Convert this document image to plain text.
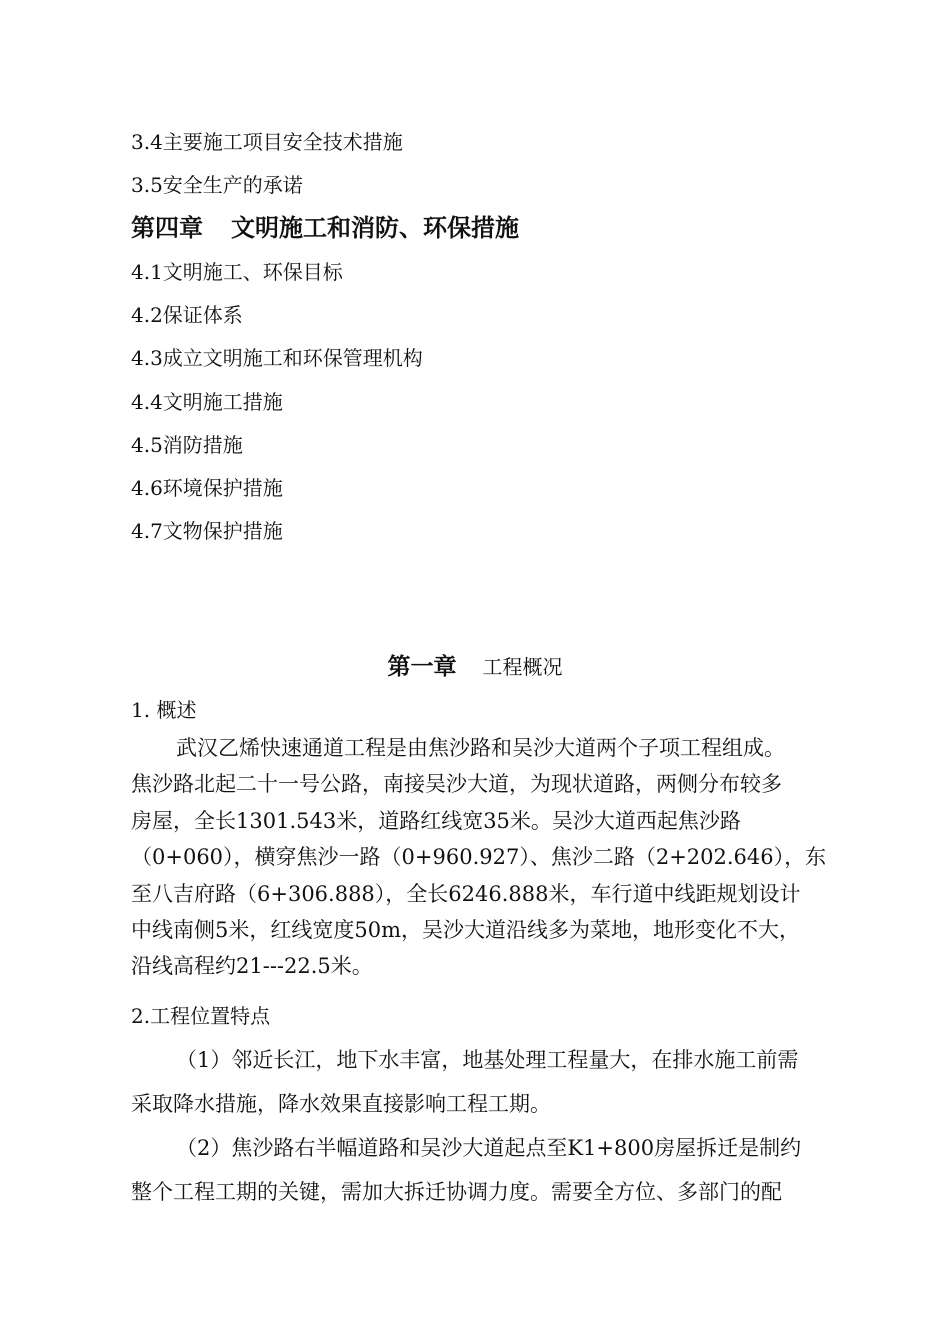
3.4主要施工项目安全技术措施
3.5安全生产的承诺
第四章 文明施工和消防、环保措施
4.1文明施工、环保目标
4.2保证体系
4.3成立文明施工和环保管理机构
4.4文明施工措施
4.5消防措施
4.6环境保护措施
4.7文物保护措施
第一章 工程概况
1. 概述
武汉乙烯快速通道工程是由焦沙路和吴沙大道两个子项工程组成。
焦沙路北起二十一号公路，南接吴沙大道，为现状道路，两侧分布较多
房屋，全长1301.543米，道路红线宽35米。吴沙大道西起焦沙路
（0+060），横穿焦沙一路（0+960.927）、焦沙二路（2+202.646），东
至八吉府路（6+306.888），全长6246.888米，车行道中线距规划设计
中线南侧5米，红线宽度50m，吴沙大道沿线多为菜地，地形变化不大，
沿线高程约21---22.5米。
2.工程位置特点
（1）邻近长江，地下水丰富，地基处理工程量大，在排水施工前需
采取降水措施，降水效果直接影响工程工期。
（2）焦沙路右半幅道路和吴沙大道起点至K1+800房屋拆迁是制约
整个工程工期的关键，需加大拆迁协调力度。需要全方位、多部门的配
